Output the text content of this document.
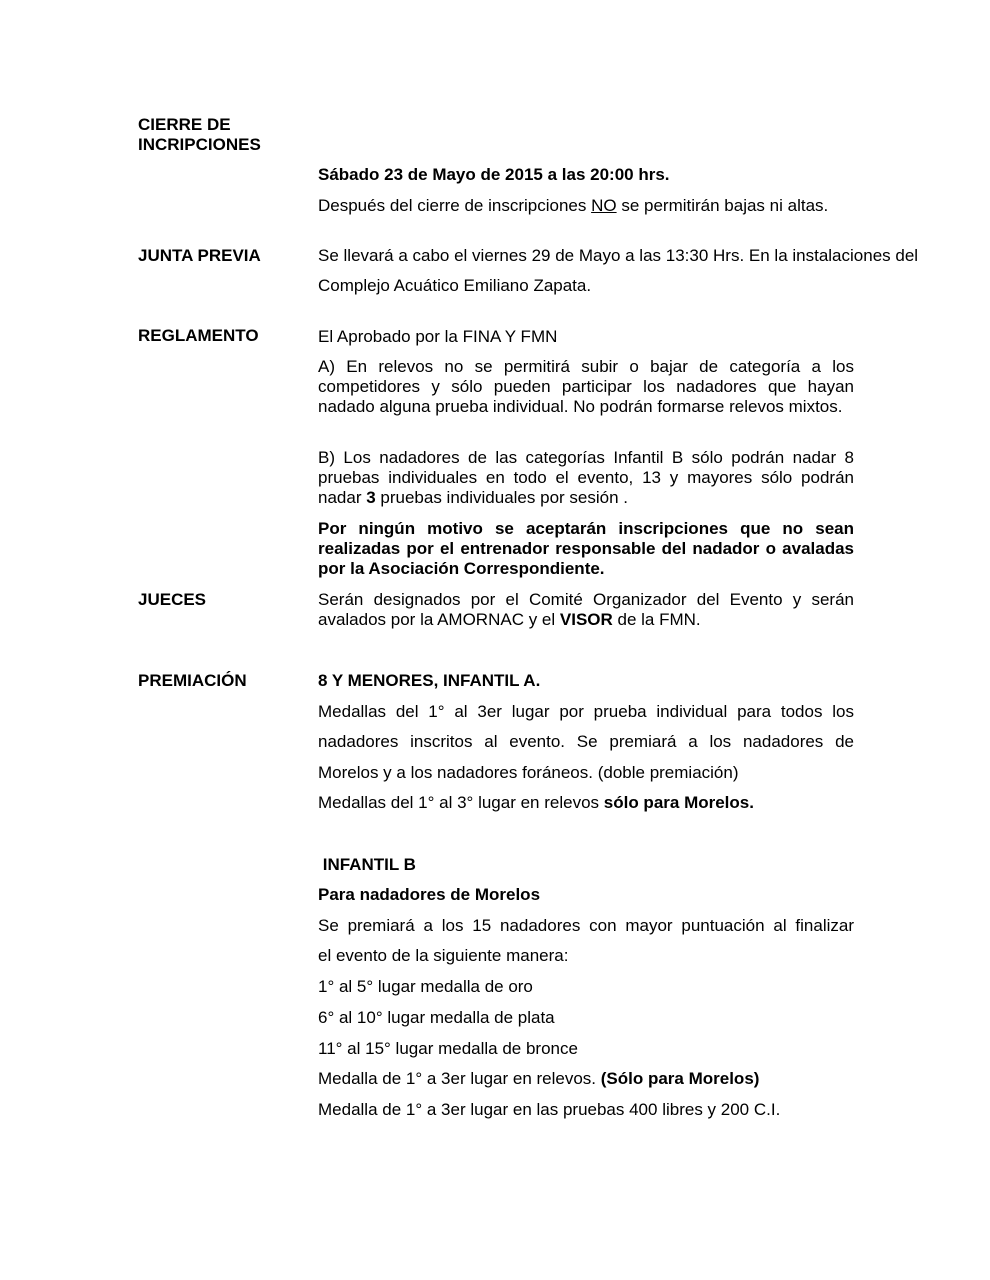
CIERRE DE
INCRIPCIONES

Sábado 23 de Mayo de 2015 a las 20:00 hrs.

Después del cierre de inscripciones NO se permitirán bajas ni altas.

JUNTA PREVIA	Se llevará a cabo el viernes 29 de Mayo a las 13:30 Hrs. En la instalaciones del

Complejo Acuático Emiliano Zapata.

REGLAMENTO	El Aprobado por la FINA Y FMN

A) En relevos no se permitirá subir o bajar de categoría a los competidores y sólo pueden participar los nadadores que hayan nadado alguna prueba individual. No podrán formarse relevos mixtos.

B) Los nadadores de las categorías Infantil B sólo podrán nadar 8 pruebas individuales en todo el evento, 13 y mayores sólo podrán nadar 3 pruebas individuales por sesión .

Por ningún motivo se aceptarán inscripciones que no sean realizadas por el entrenador responsable del nadador o avaladas por la Asociación Correspondiente.

JUECES	Serán designados por el Comité Organizador del Evento y serán avalados por la AMORNAC y el VISOR de la FMN.

PREMIACIÓN	8 Y MENORES, INFANTIL A.

Medallas del 1° al 3er lugar por prueba individual para todos los

nadadores inscritos al evento. Se premiará a los nadadores de

Morelos y a los nadadores foráneos. (doble premiación)

Medallas del 1° al 3° lugar en relevos sólo para Morelos.

INFANTIL B

Para nadadores de Morelos

Se premiará a los 15 nadadores con mayor puntuación al finalizar

el evento de la siguiente manera:

1° al 5° lugar medalla de oro

6° al 10° lugar medalla de plata

11° al 15° lugar medalla de bronce

Medalla de 1° a 3er lugar en relevos. (Sólo para Morelos)

Medalla de 1° a 3er lugar en las pruebas 400 libres y 200 C.I.
